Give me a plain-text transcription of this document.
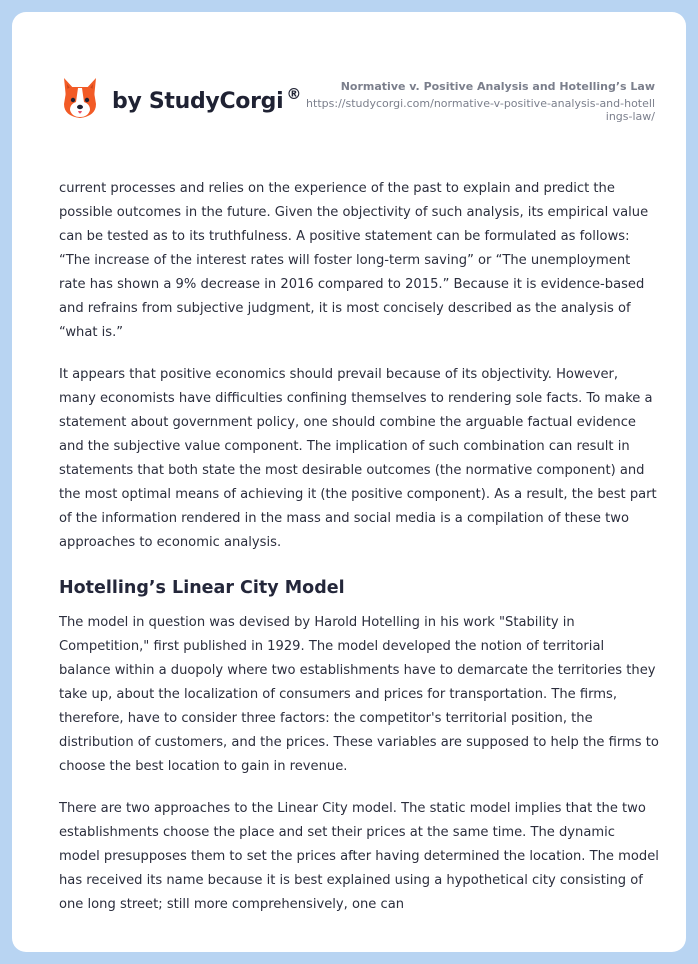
by StudyCorgi ®	Normative v. Positive Analysis and Hotelling’s Law
https://studycorgi.com/normative-v-positive-analysis-and-hotellings-law/

current processes and relies on the experience of the past to explain and predict the possible outcomes in the future. Given the objectivity of such analysis, its empirical value can be tested as to its truthfulness. A positive statement can be formulated as follows: “The increase of the interest rates will foster long-term saving” or “The unemployment rate has shown a 9% decrease in 2016 compared to 2015.” Because it is evidence-based and refrains from subjective judgment, it is most concisely described as the analysis of “what is.”

It appears that positive economics should prevail because of its objectivity. However, many economists have difficulties confining themselves to rendering sole facts. To make a statement about government policy, one should combine the arguable factual evidence and the subjective value component. The implication of such combination can result in statements that both state the most desirable outcomes (the normative component) and the most optimal means of achieving it (the positive component). As a result, the best part of the information rendered in the mass and social media is a compilation of these two approaches to economic analysis.

Hotelling’s Linear City Model

The model in question was devised by Harold Hotelling in his work "Stability in Competition," first published in 1929. The model developed the notion of territorial balance within a duopoly where two establishments have to demarcate the territories they take up, about the localization of consumers and prices for transportation. The firms, therefore, have to consider three factors: the competitor's territorial position, the distribution of customers, and the prices. These variables are supposed to help the firms to choose the best location to gain in revenue.

There are two approaches to the Linear City model. The static model implies that the two establishments choose the place and set their prices at the same time. The dynamic model presupposes them to set the prices after having determined the location. The model has received its name because it is best explained using a hypothetical city consisting of one long street; still more comprehensively, one can
